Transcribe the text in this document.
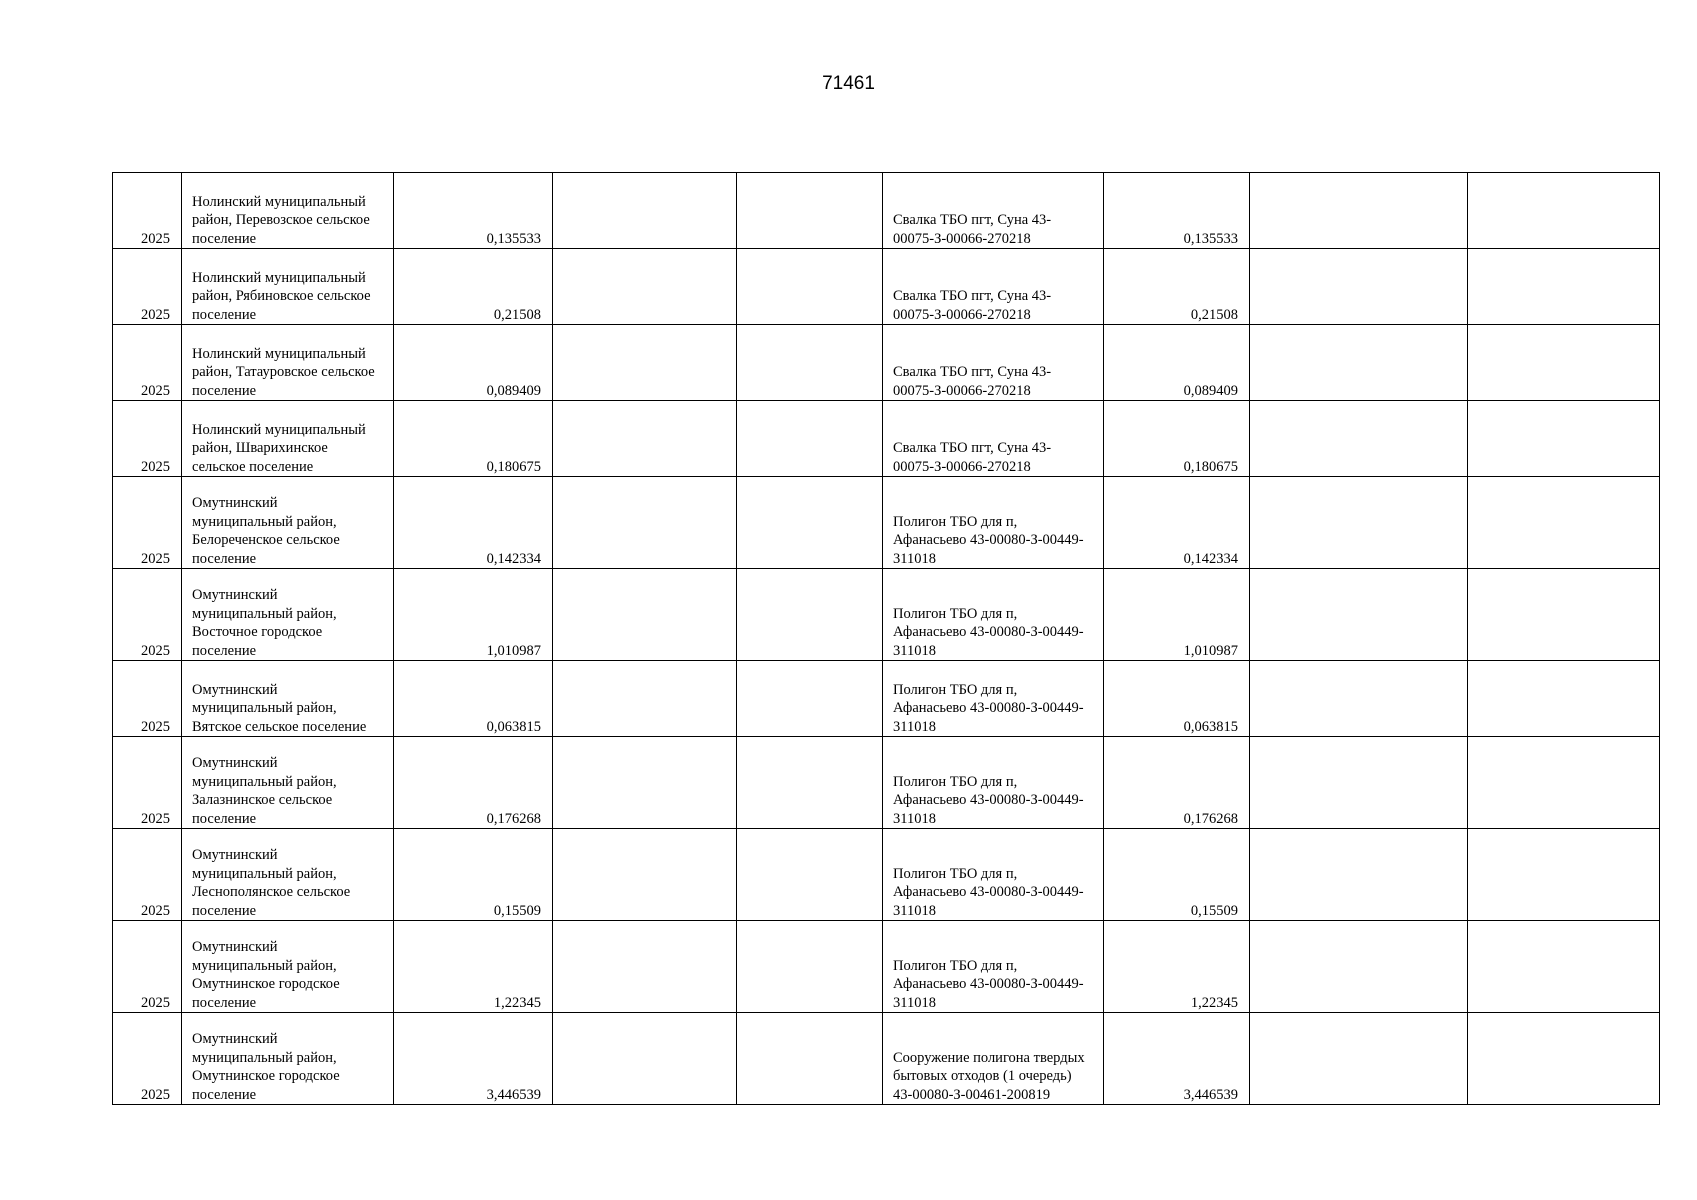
71461
2025	Нолинский муниципальный район, Перевозское сельское поселение	0,135533			Свалка ТБО пгт, Суна 43-00075-З-00066-270218	0,135533		
2025	Нолинский муниципальный район, Рябиновское сельское поселение	0,21508			Свалка ТБО пгт, Суна 43-00075-З-00066-270218	0,21508		
2025	Нолинский муниципальный район, Татауровское сельское поселение	0,089409			Свалка ТБО пгт, Суна 43-00075-З-00066-270218	0,089409		
2025	Нолинский муниципальный район, Шварихинское сельское поселение	0,180675			Свалка ТБО пгт, Суна 43-00075-З-00066-270218	0,180675		
2025	Омутнинский муниципальный район, Белореченское сельское поселение	0,142334			Полигон ТБО для п, Афанасьево 43-00080-З-00449-311018	0,142334		
2025	Омутнинский муниципальный район, Восточное городское поселение	1,010987			Полигон ТБО для п, Афанасьево 43-00080-З-00449-311018	1,010987		
2025	Омутнинский муниципальный район, Вятское сельское поселение	0,063815			Полигон ТБО для п, Афанасьево 43-00080-З-00449-311018	0,063815		
2025	Омутнинский муниципальный район, Залазнинское сельское поселение	0,176268			Полигон ТБО для п, Афанасьево 43-00080-З-00449-311018	0,176268		
2025	Омутнинский муниципальный район, Леснополянское сельское поселение	0,15509			Полигон ТБО для п, Афанасьево 43-00080-З-00449-311018	0,15509		
2025	Омутнинский муниципальный район, Омутнинское городское поселение	1,22345			Полигон ТБО для п, Афанасьево 43-00080-З-00449-311018	1,22345		
2025	Омутнинский муниципальный район, Омутнинское городское поселение	3,446539			Сооружение полигона твердых бытовых отходов (1 очередь) 43-00080-З-00461-200819	3,446539		
